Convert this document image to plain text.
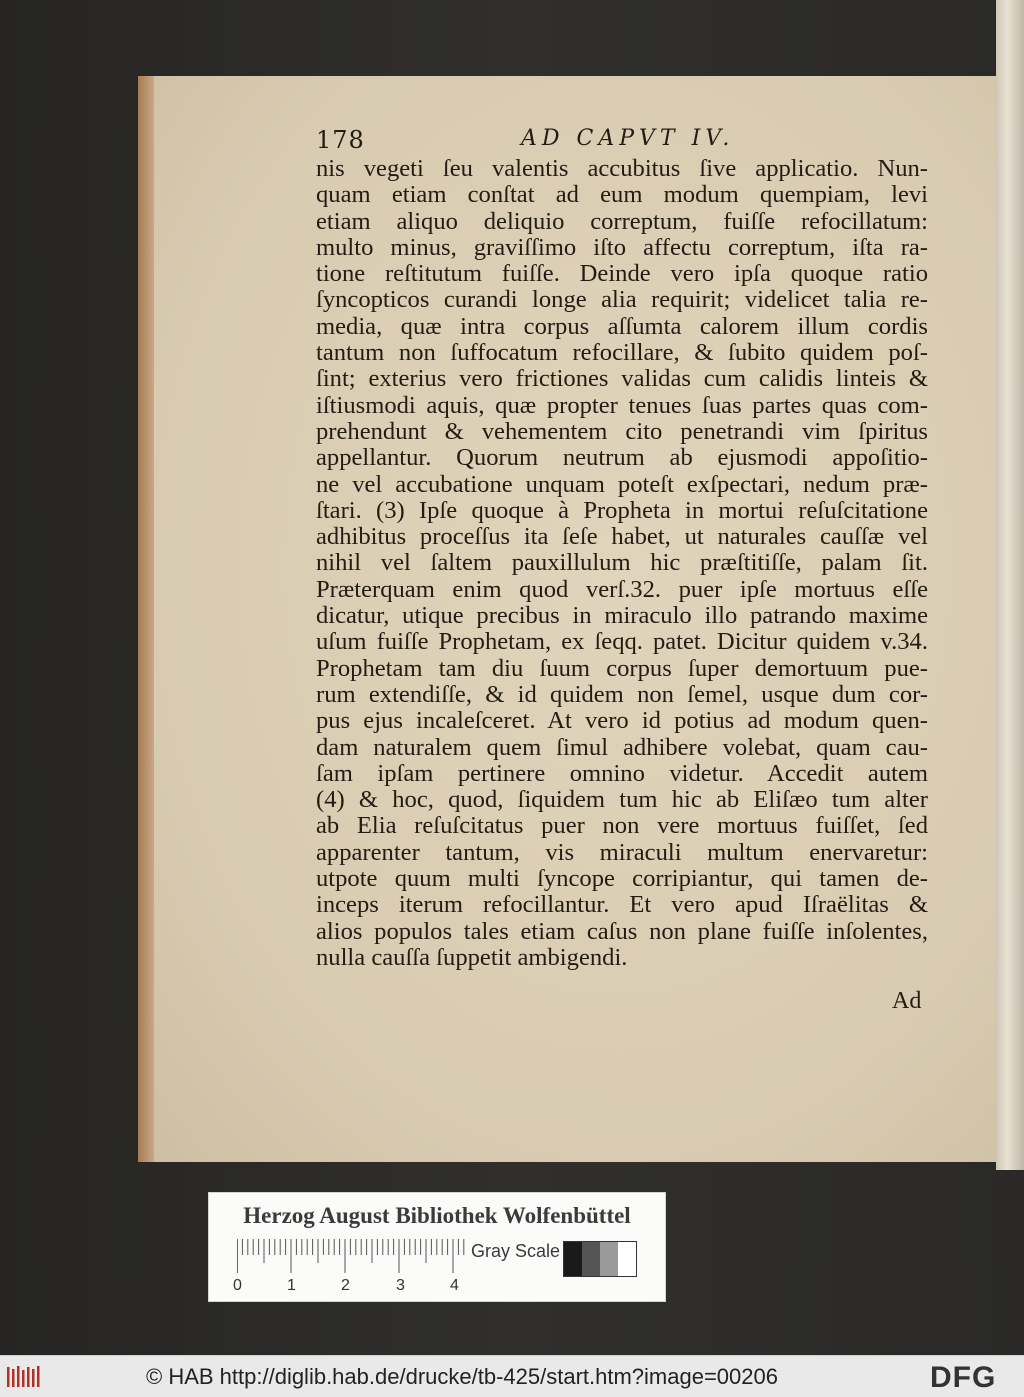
178	AD CAPVT IV.
nis vegeti ſeu valentis accubitus ſive applicatio. Nun-
quam etiam conſtat ad eum modum quempiam, levi
etiam aliquo deliquio correptum, fuiſſe refocillatum:
multo minus, graviſſimo iſto affectu correptum, iſta ra-
tione reſtitutum fuiſſe. Deinde vero ipſa quoque ratio
ſyncopticos curandi longe alia requirit; videlicet talia re-
media, quæ intra corpus aſſumta calorem illum cordis
tantum non ſuffocatum refocillare, & ſubito quidem poſ-
ſint; exterius vero frictiones validas cum calidis linteis &
iſtiusmodi aquis, quæ propter tenues ſuas partes quas com-
prehendunt & vehementem cito penetrandi vim ſpiritus
appellantur. Quorum neutrum ab ejusmodi appoſitio-
ne vel accubatione unquam poteſt exſpectari, nedum præ-
ſtari. (3) Ipſe quoque à Propheta in mortui reſuſcitatione
adhibitus proceſſus ita ſeſe habet, ut naturales cauſſæ vel
nihil vel ſaltem pauxillulum hic præſtitiſſe, palam ſit.
Præterquam enim quod verſ.32. puer ipſe mortuus eſſe
dicatur, utique precibus in miraculo illo patrando maxime
uſum fuiſſe Prophetam, ex ſeqq. patet. Dicitur quidem v.34.
Prophetam tam diu ſuum corpus ſuper demortuum pue-
rum extendiſſe, & id quidem non ſemel, usque dum cor-
pus ejus incaleſceret. At vero id potius ad modum quen-
dam naturalem quem ſimul adhibere volebat, quam cau-
ſam ipſam pertinere omnino videtur. Accedit autem
(4) & hoc, quod, ſiquidem tum hic ab Eliſæo tum alter
ab Elia reſuſcitatus puer non vere mortuus fuiſſet, ſed
apparenter tantum, vis miraculi multum enervaretur:
utpote quum multi ſyncope corripiantur, qui tamen de-
inceps iterum refocillantur. Et vero apud Iſraëlitas &
alios populos tales etiam caſus non plane fuiſſe inſolentes,
nulla cauſſa ſuppetit ambigendi.
Ad
Herzog August Bibliothek Wolfenbüttel
0	1	2	3	4
Gray Scale
© HAB http://diglib.hab.de/drucke/tb-425/start.htm?image=00206	DFG
